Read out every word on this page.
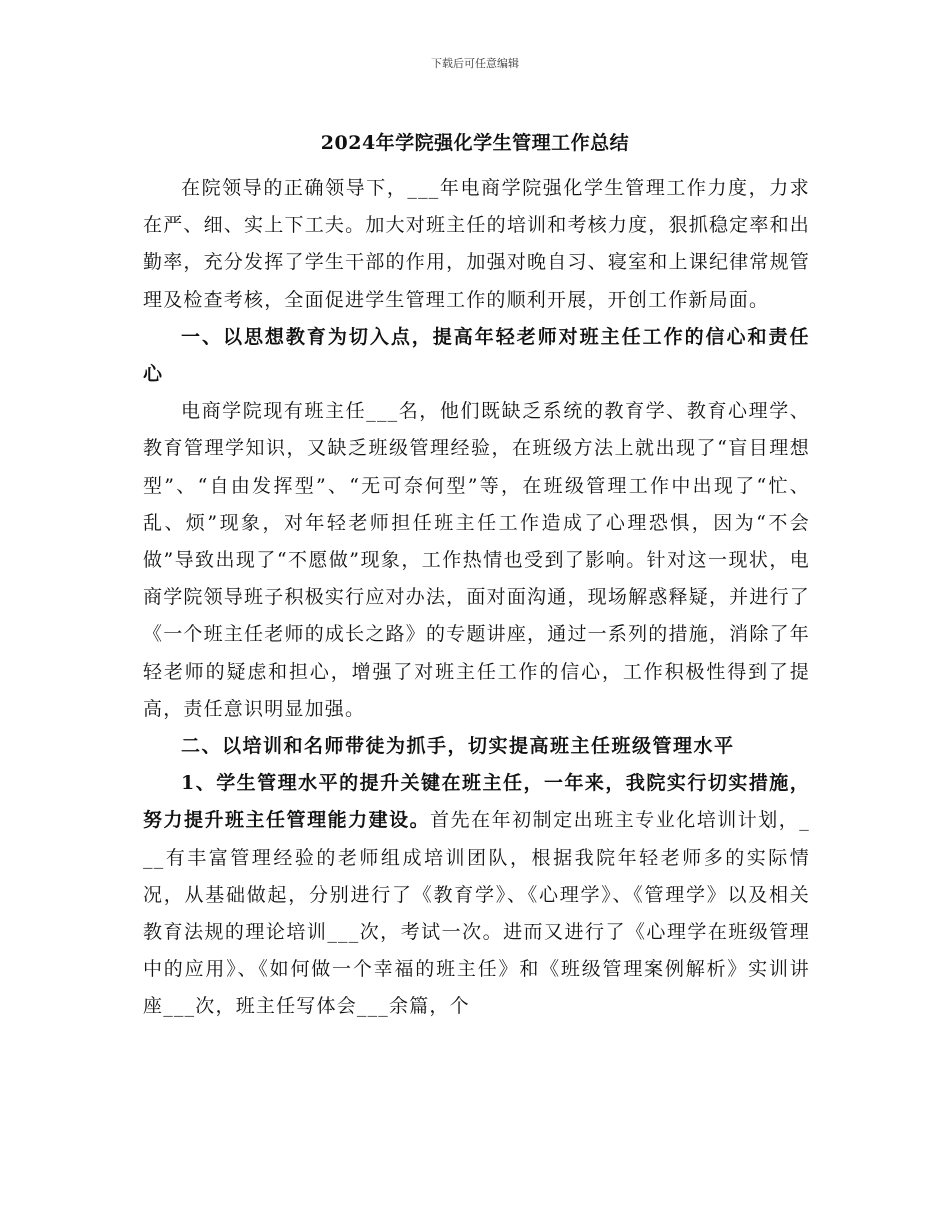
下载后可任意编辑
2024年学院强化学生管理工作总结

在院领导的正确领导下，___年电商学院强化学生管理工作力度，力求在严、细、实上下工夫。加大对班主任的培训和考核力度，狠抓稳定率和出勤率，充分发挥了学生干部的作用，加强对晚自习、寝室和上课纪律常规管理及检查考核，全面促进学生管理工作的顺利开展，开创工作新局面。

一、以思想教育为切入点，提高年轻老师对班主任工作的信心和责任心

电商学院现有班主任___名，他们既缺乏系统的教育学、教育心理学、教育管理学知识，又缺乏班级管理经验，在班级方法上就出现了“盲目理想型”、“自由发挥型”、“无可奈何型”等，在班级管理工作中出现了“忙、乱、烦”现象，对年轻老师担任班主任工作造成了心理恐惧，因为“不会做”导致出现了“不愿做”现象，工作热情也受到了影响。针对这一现状，电商学院领导班子积极实行应对办法，面对面沟通，现场解惑释疑，并进行了《一个班主任老师的成长之路》的专题讲座，通过一系列的措施，消除了年轻老师的疑虑和担心，增强了对班主任工作的信心，工作积极性得到了提高，责任意识明显加强。

二、以培训和名师带徒为抓手，切实提高班主任班级管理水平

1、学生管理水平的提升关键在班主任，一年来，我院实行切实措施，努力提升班主任管理能力建设。首先在年初制定出班主专业化培训计划，___有丰富管理经验的老师组成培训团队，根据我院年轻老师多的实际情况，从基础做起，分别进行了《教育学》、《心理学》、《管理学》以及相关教育法规的理论培训___次，考试一次。进而又进行了《心理学在班级管理中的应用》、《如何做一个幸福的班主任》和《班级管理案例解析》实训讲座___次，班主任写体会___余篇，个
